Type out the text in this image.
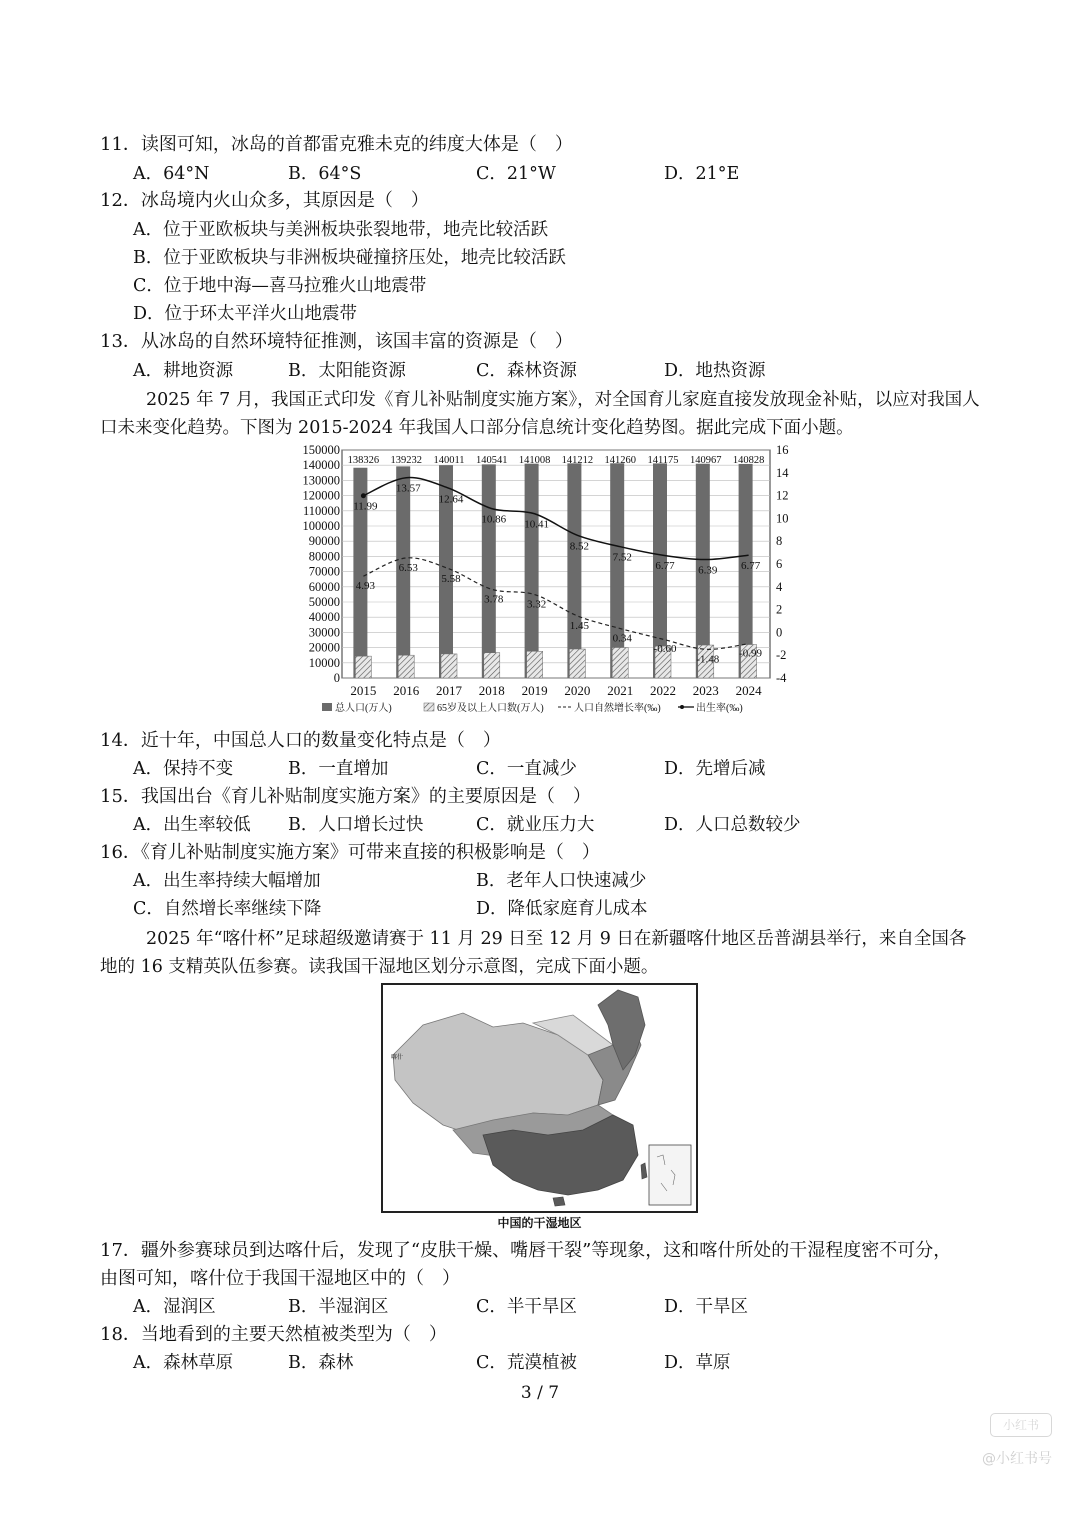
11．读图可知，冰岛的首都雷克雅未克的纬度大体是（　）
A．64°N	B．64°S	C．21°W	D．21°E
12．冰岛境内火山众多，其原因是（　）
A．位于亚欧板块与美洲板块张裂地带，地壳比较活跃
B．位于亚欧板块与非洲板块碰撞挤压处，地壳比较活跃
C．位于地中海—喜马拉雅火山地震带
D．位于环太平洋火山地震带
13．从冰岛的自然环境特征推测，该国丰富的资源是（　）
A．耕地资源	B．太阳能资源	C．森林资源	D．地热资源
2025 年 7 月，我国正式印发《育儿补贴制度实施方案》，对全国育儿家庭直接发放现金补贴，以应对我国人口未来变化趋势。下图为 2015-2024 年我国人口部分信息统计变化趋势图。据此完成下面小题。
0
10000
20000
30000
40000
50000
60000
70000
80000
90000
100000
110000
120000
130000
140000
150000
-4
-2
0
2
4
6
8
10
12
14
16
138326 139232 140011 140541 141008 141212 141260 141175 140967 140828
11.99
13.57
12.64
10.86 10.41
8.52
7.52
6.77 6.39 6.77
4.93
6.53
5.58
3.78 3.32
1.45
0.34
-0.60
-1.48 -0.99
2015 2016 2017 2018 2019 2020 2021 2022 2023 2024
总人口(万人)	65岁及以上人口数(万人)	人口自然增长率(‰)	出生率(‰)
14．近十年，中国总人口的数量变化特点是（　）
A．保持不变	B．一直增加	C．一直减少	D．先增后减
15．我国出台《育儿补贴制度实施方案》的主要原因是（　）
A．出生率较低 B．人口增长过快	C．就业压力大	D．人口总数较少
16．《育儿补贴制度实施方案》可带来直接的积极影响是（　）
A．出生率持续大幅增加	B．老年人口快速减少
C．自然增长率继续下降	D．降低家庭育儿成本
2025 年“喀什杯”足球超级邀请赛于 11 月 29 日至 12 月 9 日在新疆喀什地区岳普湖县举行，来自全国各地的 16 支精英队伍参赛。读我国干湿地区划分示意图，完成下面小题。
喀什
中国的干湿地区
17．疆外参赛球员到达喀什后，发现了“皮肤干燥、嘴唇干裂”等现象，这和喀什所处的干湿程度密不可分，
由图可知，喀什位于我国干湿地区中的（　）
A．湿润区	B．半湿润区	C．半干旱区	D．干旱区
18．当地看到的主要天然植被类型为（　）
A．森林草原	B．森林	C．荒漠植被	D．草原
3 / 7
小红书
@小红书号
